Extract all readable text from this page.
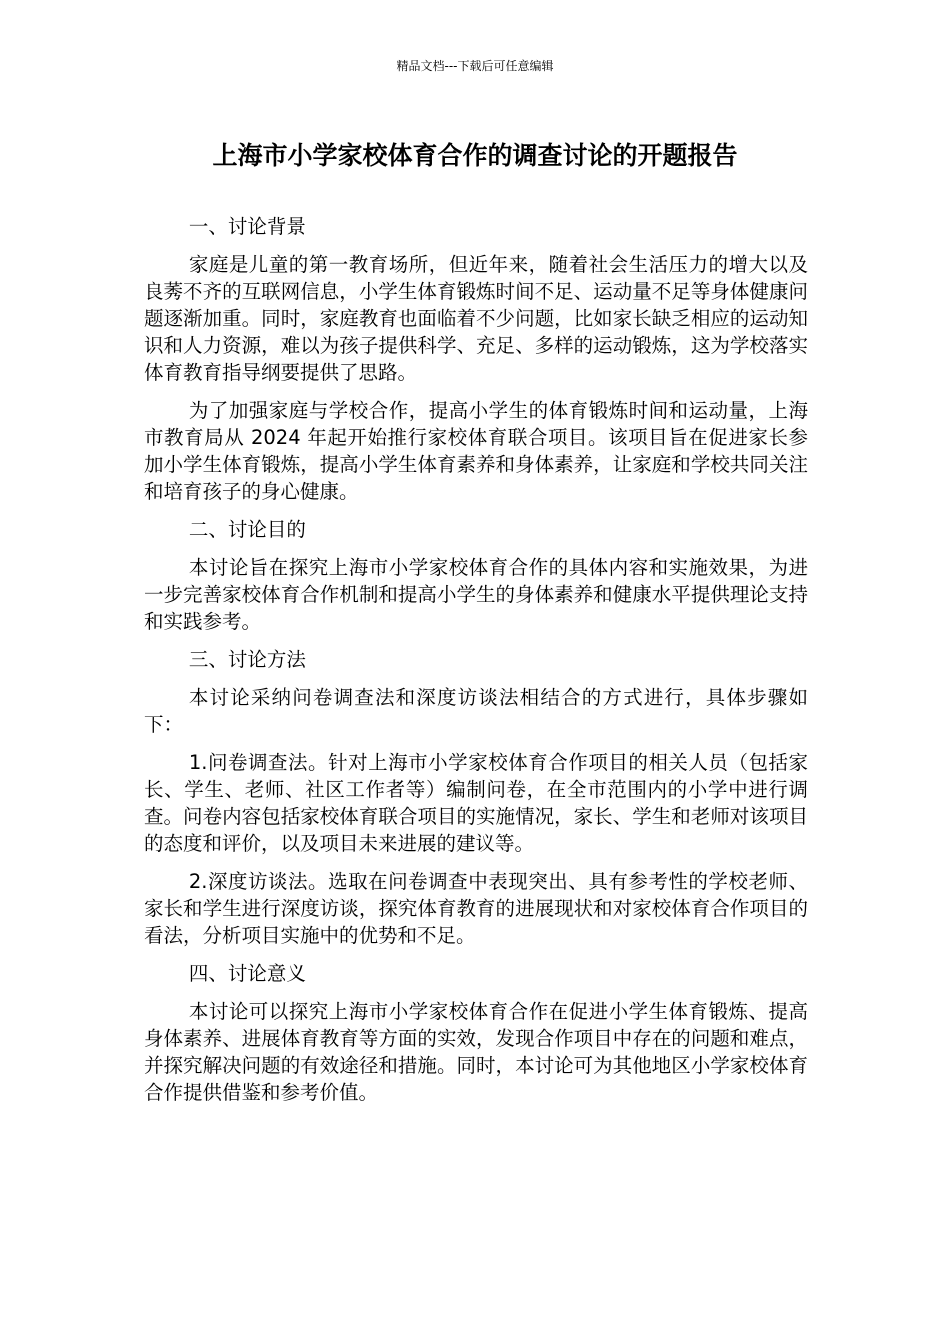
精品文档---下载后可任意编辑
上海市小学家校体育合作的调查讨论的开题报告

一、讨论背景

家庭是儿童的第一教育场所，但近年来，随着社会生活压力的增大以及良莠不齐的互联网信息，小学生体育锻炼时间不足、运动量不足等身体健康问题逐渐加重。同时，家庭教育也面临着不少问题，比如家长缺乏相应的运动知识和人力资源，难以为孩子提供科学、充足、多样的运动锻炼，这为学校落实体育教育指导纲要提供了思路。

为了加强家庭与学校合作，提高小学生的体育锻炼时间和运动量，上海市教育局从 2024 年起开始推行家校体育联合项目。该项目旨在促进家长参加小学生体育锻炼，提高小学生体育素养和身体素养，让家庭和学校共同关注和培育孩子的身心健康。

二、讨论目的

本讨论旨在探究上海市小学家校体育合作的具体内容和实施效果，为进一步完善家校体育合作机制和提高小学生的身体素养和健康水平提供理论支持和实践参考。

三、讨论方法

本讨论采纳问卷调查法和深度访谈法相结合的方式进行，具体步骤如下：

1.问卷调查法。针对上海市小学家校体育合作项目的相关人员（包括家长、学生、老师、社区工作者等）编制问卷，在全市范围内的小学中进行调查。问卷内容包括家校体育联合项目的实施情况，家长、学生和老师对该项目的态度和评价，以及项目未来进展的建议等。

2.深度访谈法。选取在问卷调查中表现突出、具有参考性的学校老师、家长和学生进行深度访谈，探究体育教育的进展现状和对家校体育合作项目的看法，分析项目实施中的优势和不足。

四、讨论意义

本讨论可以探究上海市小学家校体育合作在促进小学生体育锻炼、提高身体素养、进展体育教育等方面的实效，发现合作项目中存在的问题和难点，并探究解决问题的有效途径和措施。同时，本讨论可为其他地区小学家校体育合作提供借鉴和参考价值。
